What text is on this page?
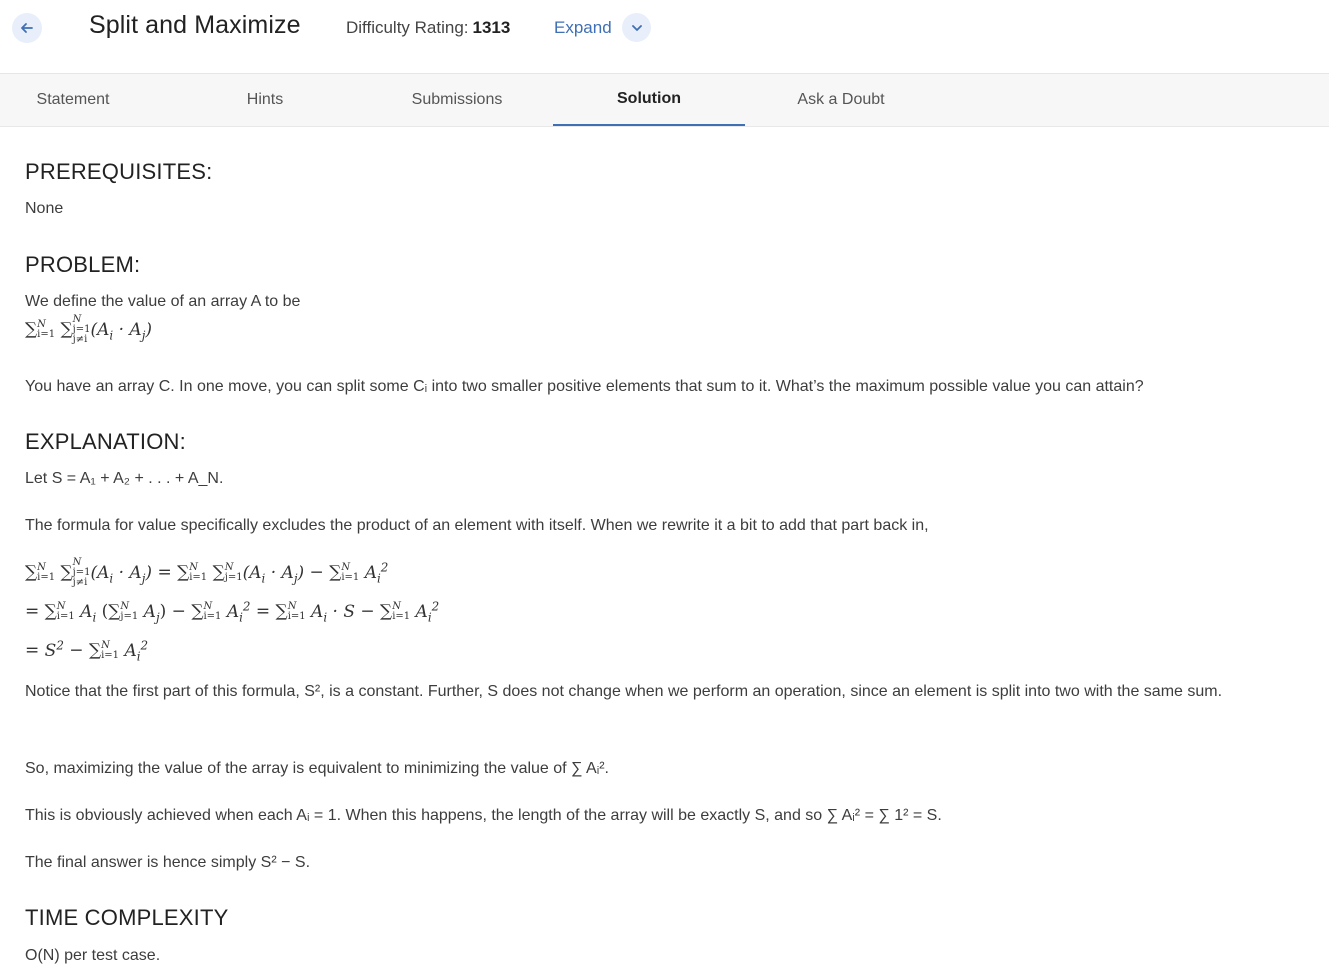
Split and Maximize	Difficulty Rating: 1313	Expand
Statement	Hints	Submissions	Solution	Ask a Doubt
PREREQUISITES:

None

PROBLEM:

We define the value of an array A to be

∑N
i=1 ∑N
j=1
j≠i $(A_i \cdot A_j)$

You have an array C. In one move, you can split some Cᵢ into two smaller positive elements that sum to it. What’s the maximum possible value you can attain?

EXPLANATION:

Let S = A₁ + A₂ + . . . + A_N.

The formula for value specifically excludes the product of an element with itself. When we rewrite it a bit to add that part back in,

∑N
i=1 ∑N
j=1
j≠i $(A_i \cdot A_j) = \sum N$
i=1 ∑N
$j=1(A_i \cdot A_j) - \sum N$
i=1 $A_i^2$
= ∑N
i=1 $A_i$ (∑N
j=1 $A_j) - \sum N$
i=1 $A_i^2 = \sum N$
i=1 $A_i \cdot S - \sum N$
i=1 $A_i^2$
= $S^2 - \sum N$
i=1 $A_i^2$

Notice that the first part of this formula, S², is a constant. Further, S does not change when we perform an operation, since an element is split into two with the same sum.

So, maximizing the value of the array is equivalent to minimizing the value of ∑ Aᵢ².

This is obviously achieved when each Aᵢ = 1. When this happens, the length of the array will be exactly S, and so ∑ Aᵢ² = ∑ 1² = S.

The final answer is hence simply S² − S.

TIME COMPLEXITY

O(N) per test case.
